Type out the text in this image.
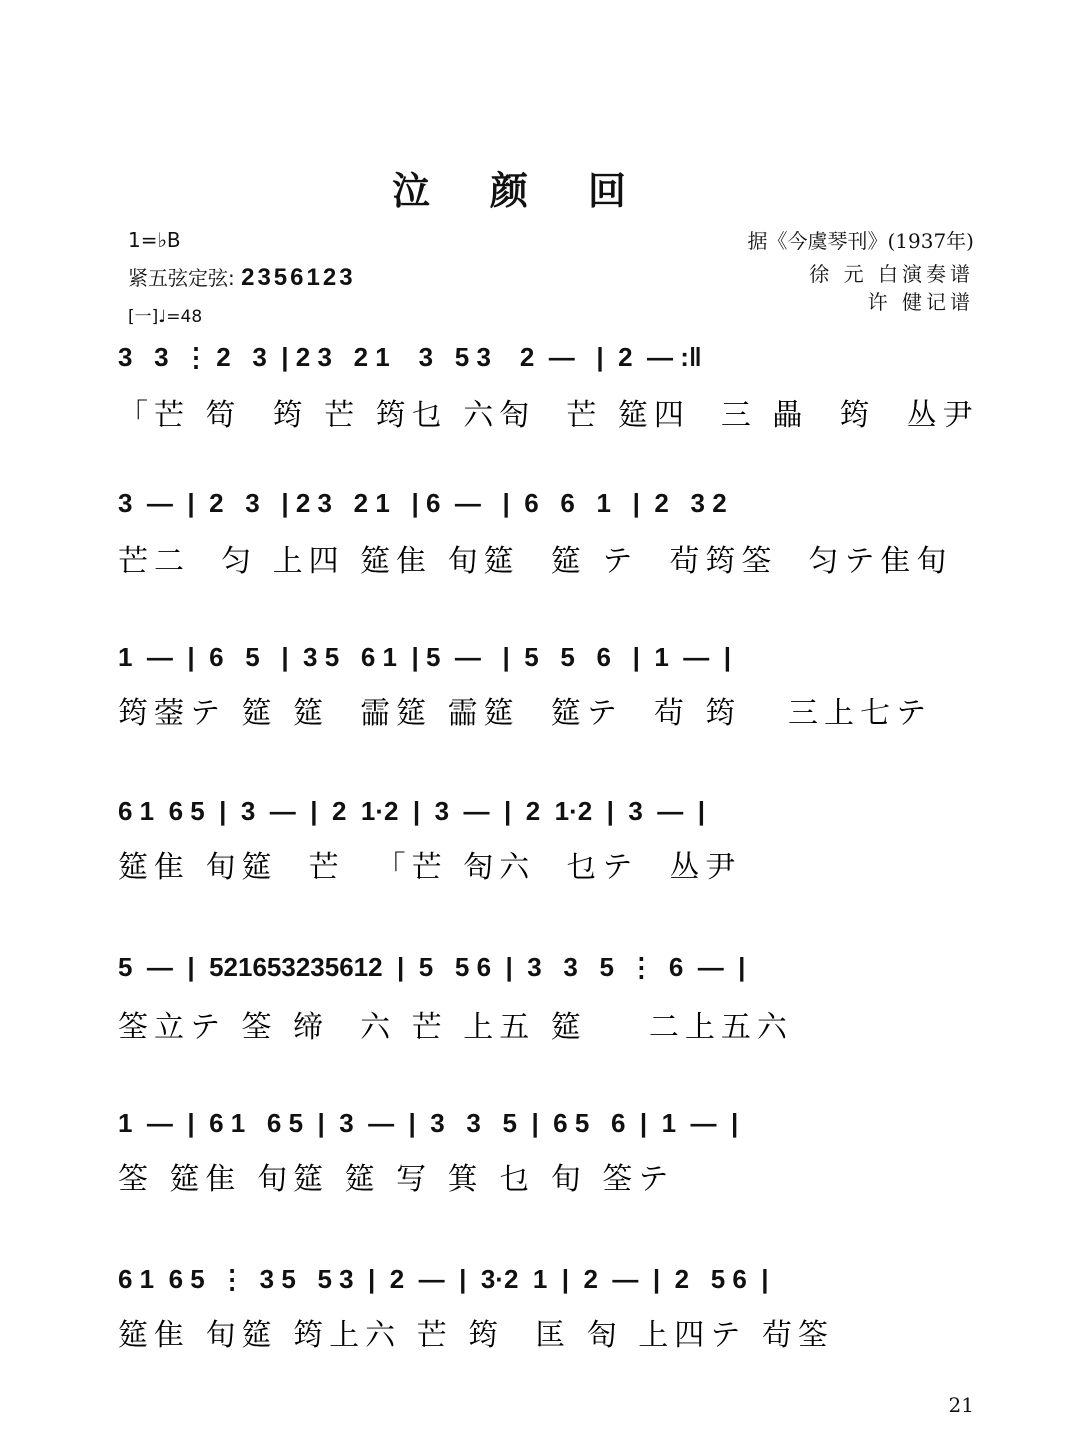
泣颜回
1=♭B
紧五弦定弦: 2356123
[一]♩=48
据《今虞琴刊》(1937年)
徐 元 白演奏谱
许 健记谱
3   3  ⋮ 2   3  | 2 3   2 1    3   5 3    2  —   |  2  — :‖
「芒 笱  筠 芒 筠乜 六匌  芒 筵四  三 畾  筠  丛尹
3  —  |  2   3   | 2 3   2 1   | 6  —   |  6   6   1   |  2   3 2
芒二  匀 上四 筵隹 旬筵  筵 テ  茍筠筌  匀テ隹旬
1  —  |  6   5   |  3 5   6 1  | 5  —   |  5   5   6   |  1  —  |
筠蓥テ 筵 筵  霝筵 霝筵  筵テ  茍 筠   三上七テ
6 1  6 5  |  3  —  |  2  1·2  |  3  —  |  2  1·2  |  3  —  |
筵隹 旬筵  芒  「芒 匌六  乜テ  丛尹
5  —  |  521653235612  |  5   5 6  |  3   3   5  ⋮  6  —  |
筌立テ 筌 缔  六 芒 上五 筵    二上五六
1  —  |  6 1   6 5  |  3  —  |  3   3   5  |  6 5   6  |  1  —  |
筌 筵隹 旬筵 筵 写 箕 乜 旬 筌テ
6 1  6 5  ⋮  3 5   5 3  |  2  —  |  3·2  1  |  2  —  |  2   5 6  |
筵隹 旬筵 筠上六 芒 筠  匡 匌 上四テ 茍筌
21
